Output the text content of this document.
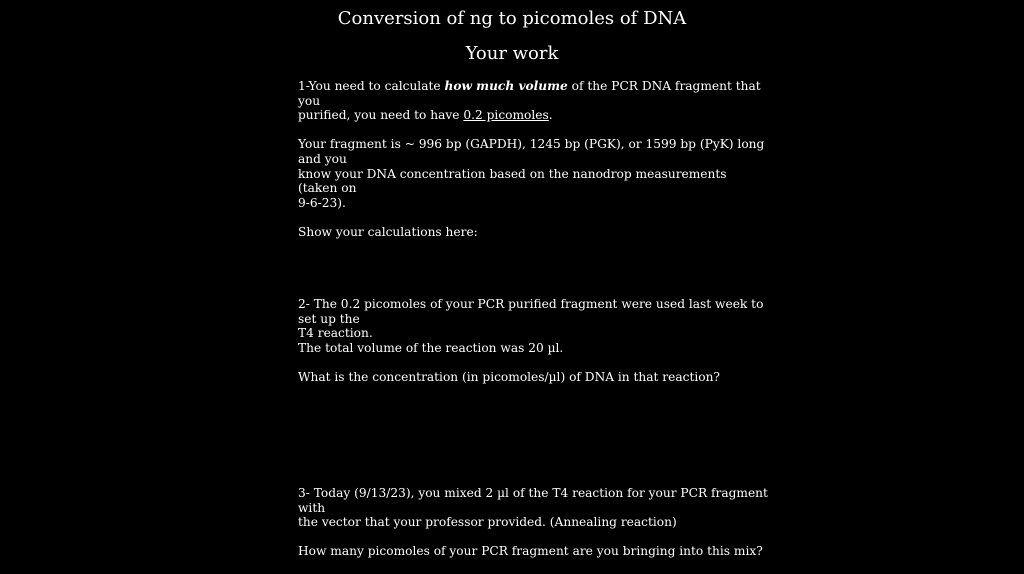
Conversion of ng to picomoles of DNA
Your work

1-You need to calculate how much volume of the PCR DNA fragment that you

purified, you need to have 0.2 picomoles.

Your fragment is ~ 996 bp (GAPDH), 1245 bp (PGK), or 1599 bp (PyK) long and you

know your DNA concentration based on the nanodrop measurements (taken on

9-6-23).

Show your calculations here:

2- The 0.2 picomoles of your PCR purified fragment were used last week to set up the

T4 reaction.

The total volume of the reaction was 20 µl.

What is the concentration (in picomoles/µl) of DNA in that reaction?

3- Today (9/13/23), you mixed 2 µl of the T4 reaction for your PCR fragment with

the vector that your professor provided. (Annealing reaction)

How many picomoles of your PCR fragment are you bringing into this mix?
